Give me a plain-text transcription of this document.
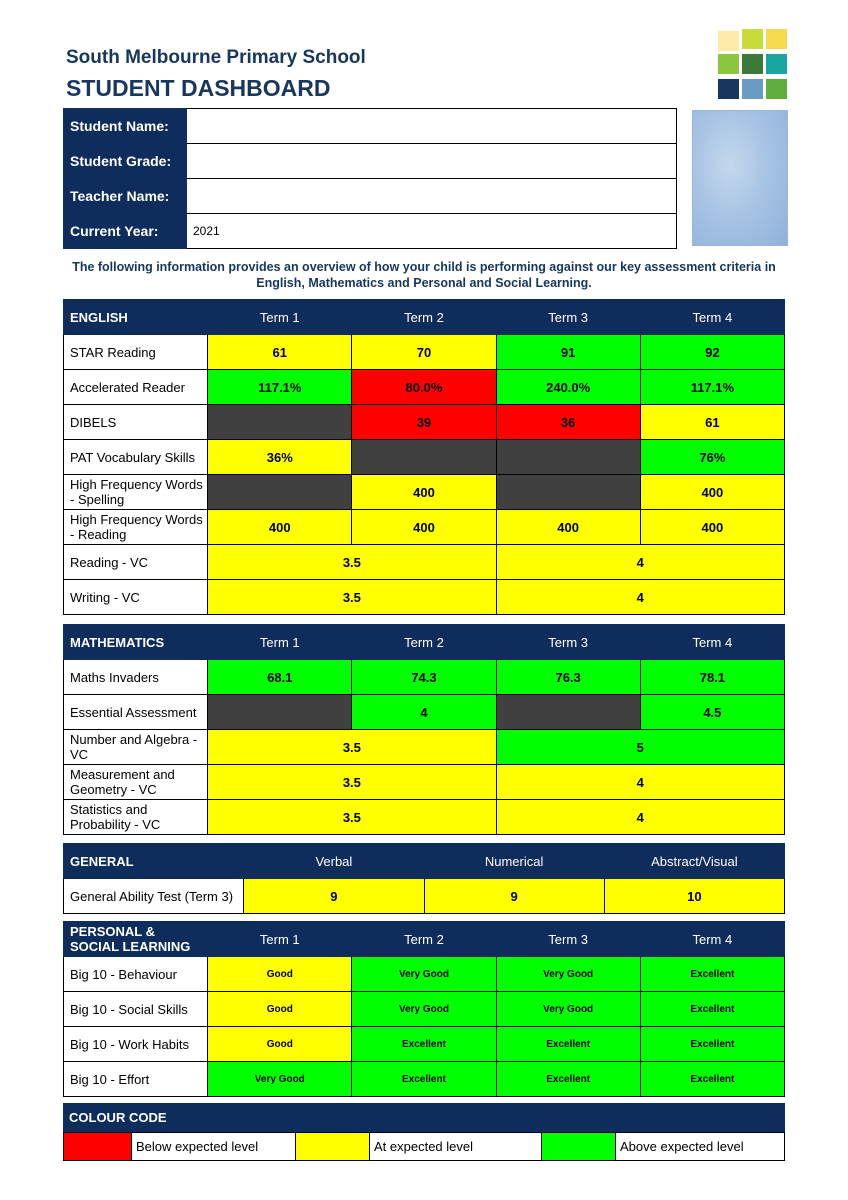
South Melbourne Primary School
STUDENT DASHBOARD
Student Name:	
Student Grade:	
Teacher Name:	
Current Year:	2021
The following information provides an overview of how your child is performing against our key assessment criteria in English, Mathematics and Personal and Social Learning.
ENGLISH	Term 1	Term 2	Term 3	Term 4
STAR Reading	61	70	91	92
Accelerated Reader	117.1%	80.0%	240.0%	117.1%
DIBELS		39	36	61
PAT Vocabulary Skills	36%			76%
High Frequency Words - Spelling		400		400
High Frequency Words - Reading	400	400	400	400
Reading - VC	3.5		4	
Writing - VC	3.5		4	
MATHEMATICS	Term 1	Term 2	Term 3	Term 4
Maths Invaders	68.1	74.3	76.3	78.1
Essential Assessment		4		4.5
Number and Algebra - VC	3.5		5	
Measurement and Geometry - VC	3.5		4	
Statistics and Probability - VC	3.5		4	
GENERAL	Verbal	Numerical	Abstract/Visual
General Ability Test (Term 3)	9	9	10
PERSONAL & SOCIAL LEARNING	Term 1	Term 2	Term 3	Term 4
Big 10 - Behaviour	Good	Very Good	Very Good	Excellent
Big 10 - Social Skills	Good	Very Good	Very Good	Excellent
Big 10 - Work Habits	Good	Excellent	Excellent	Excellent
Big 10 - Effort	Very Good	Excellent	Excellent	Excellent
COLOUR CODE
	Below expected level		At expected level		Above expected level
